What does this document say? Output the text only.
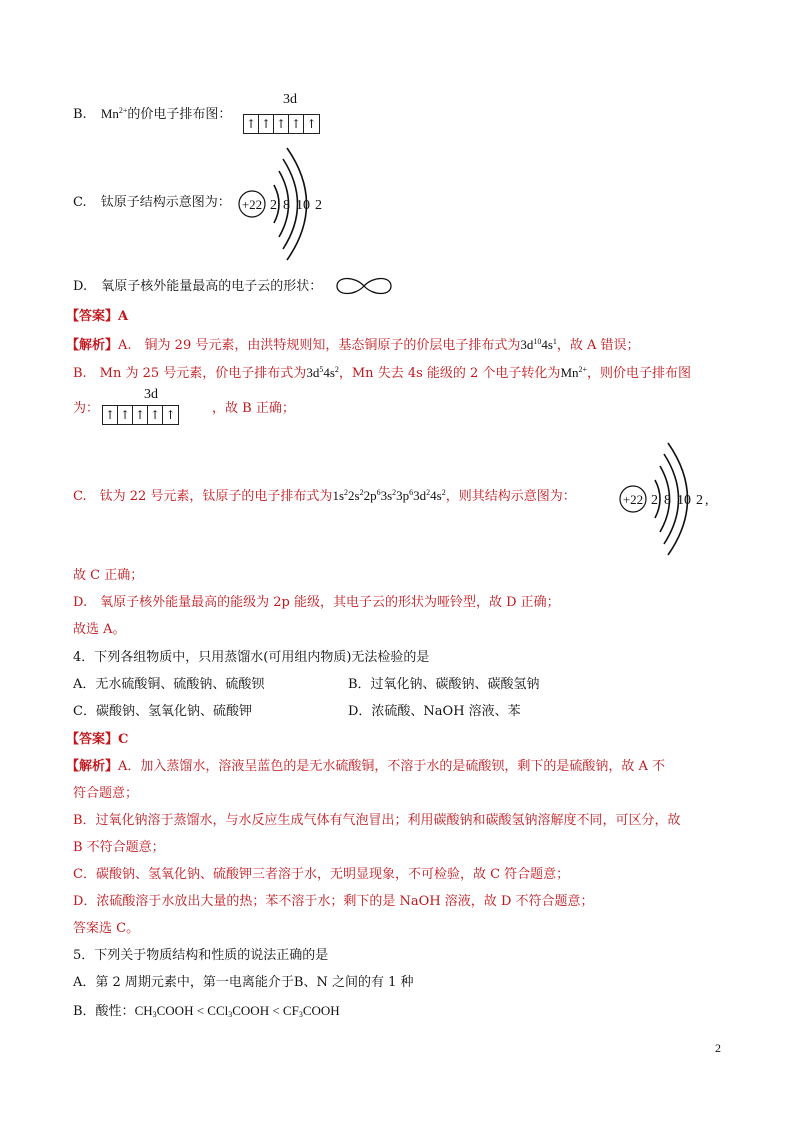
B. $Mn^{2+}$的价电子排布图：
3d
↑ ↑ ↑ ↑ ↑
C. 钛原子结构示意图为： +22 2 8 10 2
D. 氧原子核外能量最高的电子云的形状：
【答案】A
【解析】A.　铜为 29 号元素，由洪特规则知，基态铜原子的价层电子排布式为$3d^{10}4s^1$，故 A 错误；
B.　Mn 为 25 号元素，价电子排布式为$3d^54s^2$，Mn 失去 4s 能级的 2 个电子转化为$Mn^{2+}$，则价电子排布图
为：	，故 B 正确；
3d
↑ ↑ ↑ ↑ ↑
C.　钛为 22 号元素，钛原子的电子排布式为$1s^22s^22p^63s^23p^63d^24s^2$，则其结构示意图为：	+22 2 8 10 2 ,
故 C 正确；
D.　氧原子核外能量最高的能级为 2p 能级，其电子云的形状为哑铃型，故 D 正确；
故选 A。
4．下列各组物质中，只用蒸馏水(可用组内物质)无法检验的是
A．无水硫酸铜、硫酸钠、硫酸钡	B．过氧化钠、碳酸钠、碳酸氢钠
C．碳酸钠、氢氧化钠、硫酸钾	D．浓硫酸、NaOH 溶液、苯
【答案】C
【解析】A．加入蒸馏水，溶液呈蓝色的是无水硫酸铜，不溶于水的是硫酸钡，剩下的是硫酸钠，故 A 不
符合题意；
B．过氧化钠溶于蒸馏水，与水反应生成气体有气泡冒出；利用碳酸钠和碳酸氢钠溶解度不同，可区分，故
B 不符合题意；
C．碳酸钠、氢氧化钠、硫酸钾三者溶于水，无明显现象，不可检验，故 C 符合题意；
D．浓硫酸溶于水放出大量的热；苯不溶于水；剩下的是 NaOH 溶液，故 D 不符合题意；
答案选 C。
5．下列关于物质结构和性质的说法正确的是
A．第 2 周期元素中，第一电离能介于B、N 之间的有 1 种
B．酸性：$CH_3COOH$ < CCl$_3$COOH < $CF_3COOH$
2
